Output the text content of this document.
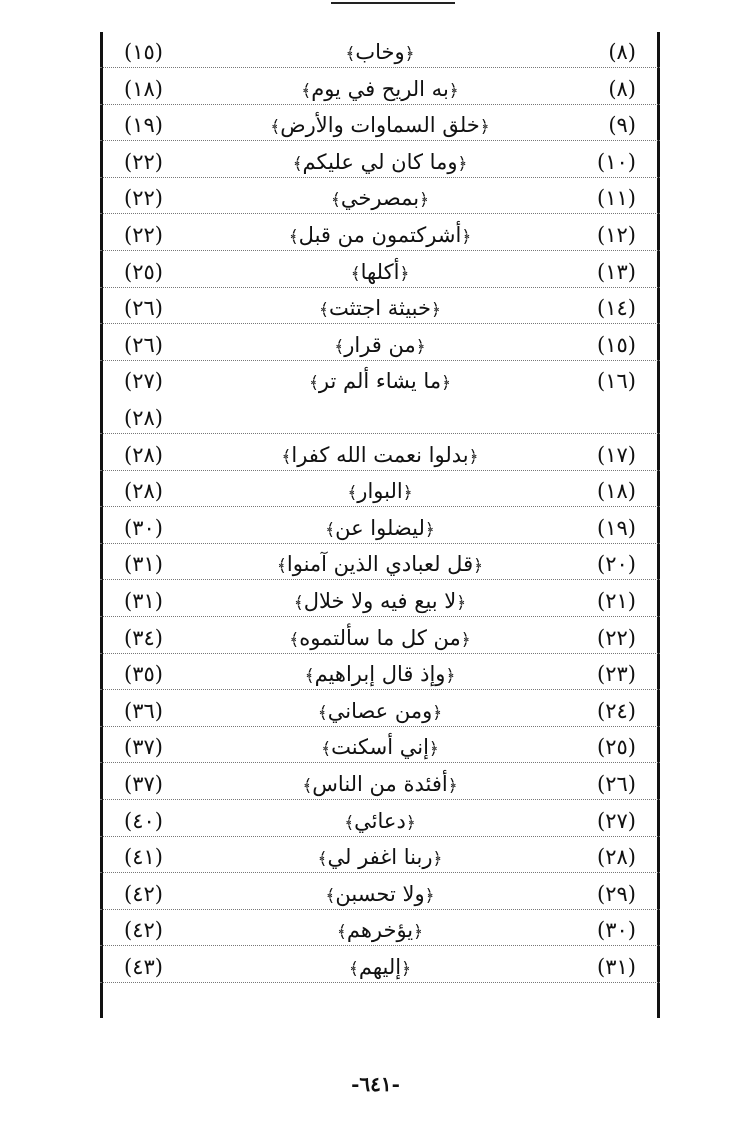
(٨)
﴿وخاب﴾
(١٥)
(٨)
﴿به الريح في يوم﴾
(١٨)
(٩)
﴿خلق السماوات والأرض﴾
(١٩)
(١٠)
﴿وما كان لي عليكم﴾
(٢٢)
(١١)
﴿بمصرخي﴾
(٢٢)
(١٢)
﴿أشركتمون من قبل﴾
(٢٢)
(١٣)
﴿أكلها﴾
(٢٥)
(١٤)
﴿خبيثة اجتثت﴾
(٢٦)
(١٥)
﴿من قرار﴾
(٢٦)
(١٦)
﴿ما يشاء ألم تر﴾
(٢٧)
(٢٨)
(١٧)
﴿بدلوا نعمت الله كفرا﴾
(٢٨)
(١٨)
﴿البوار﴾
(٢٨)
(١٩)
﴿ليضلوا عن﴾
(٣٠)
(٢٠)
﴿قل لعبادي الذين آمنوا﴾
(٣١)
(٢١)
﴿لا بيع فيه ولا خلال﴾
(٣١)
(٢٢)
﴿من كل ما سألتموه﴾
(٣٤)
(٢٣)
﴿وإذ قال إبراهيم﴾
(٣٥)
(٢٤)
﴿ومن عصاني﴾
(٣٦)
(٢٥)
﴿إني أسكنت﴾
(٣٧)
(٢٦)
﴿أفئدة من الناس﴾
(٣٧)
(٢٧)
﴿دعائي﴾
(٤٠)
(٢٨)
﴿ربنا اغفر لي﴾
(٤١)
(٢٩)
﴿ولا تحسبن﴾
(٤٢)
(٣٠)
﴿يؤخرهم﴾
(٤٢)
(٣١)
﴿إليهم﴾
(٤٣)
-٦٤١-
